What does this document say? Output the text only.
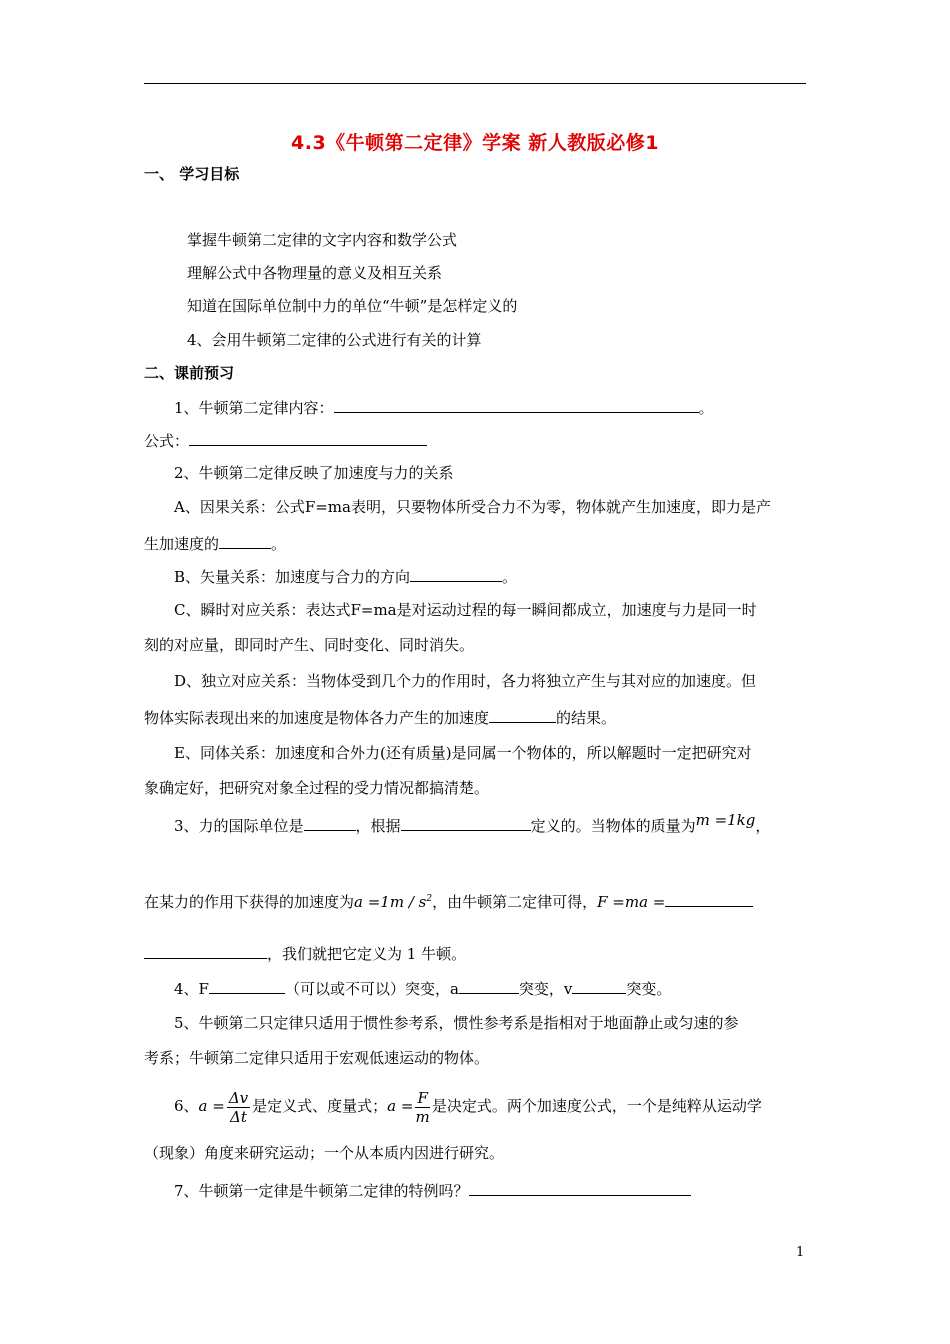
4.3《牛顿第二定律》学案 新人教版必修1
一、 学习目标
掌握牛顿第二定律的文字内容和数学公式
理解公式中各物理量的意义及相互关系
知道在国际单位制中力的单位“牛顿”是怎样定义的
4、会用牛顿第二定律的公式进行有关的计算
二、课前预习
1、牛顿第二定律内容：	。
公式：
2、牛顿第二定律反映了加速度与力的关系
A、因果关系：公式F=ma表明，只要物体所受合力不为零，物体就产生加速度，即力是产
生加速度的	。
B、矢量关系：加速度与合力的方向	。
C、瞬时对应关系：表达式F=ma是对运动过程的每一瞬间都成立，加速度与力是同一时
刻的对应量，即同时产生、同时变化、同时消失。
D、独立对应关系：当物体受到几个力的作用时，各力将独立产生与其对应的加速度。但
物体实际表现出来的加速度是物体各力产生的加速度	的结果。
E、同体关系：加速度和合外力(还有质量)是同属一个物体的，所以解题时一定把研究对
象确定好，把研究对象全过程的受力情况都搞清楚。
3、力的国际单位是	，根据	定义的。当物体的质量为m =1kg，
在某力的作用下获得的加速度为$a =1m / s^2$，由牛顿第二定律可得，F =ma =
，我们就把它定义为 1 牛顿。
4、F	（可以或不可以）突变，a	突变，v	突变。
5、牛顿第二只定律只适用于惯性参考系，惯性参考系是指相对于地面静止或匀速的参
考系；牛顿第二定律只适用于宏观低速运动的物体。
6、$a = \frac{\Delta v}{\Delta t}$ 是定义式、度量式；$a = \frac{F}{m}$ 是决定式。两个加速度公式，一个是纯粹从运动学
（现象）角度来研究运动；一个从本质内因进行研究。
7、牛顿第一定律是牛顿第二定律的特例吗？
1
